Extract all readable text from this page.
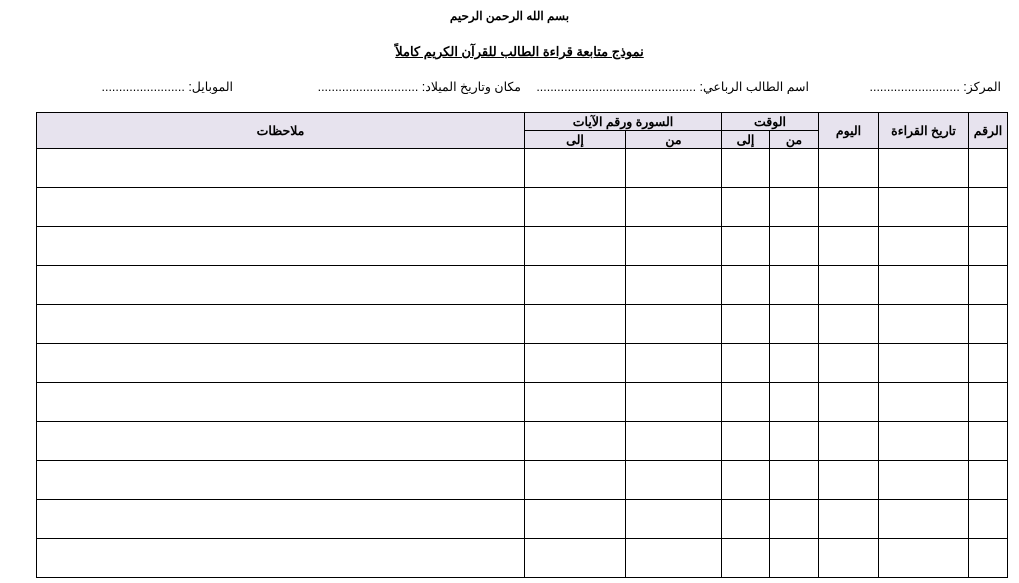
بسم الله الرحمن الرحيم
نموذج متابعة قراءة الطالب للقرآن الكريم كاملاً
المركز: ..........................
اسم الطالب الرباعي: ..............................................
مكان وتاريخ الميلاد: .............................
الموبايل: ........................
الرقم	تاريخ القراءة	اليوم	الوقت		السورة ورقم الآيات		ملاحظات
			من	إلى	من	إلى	
